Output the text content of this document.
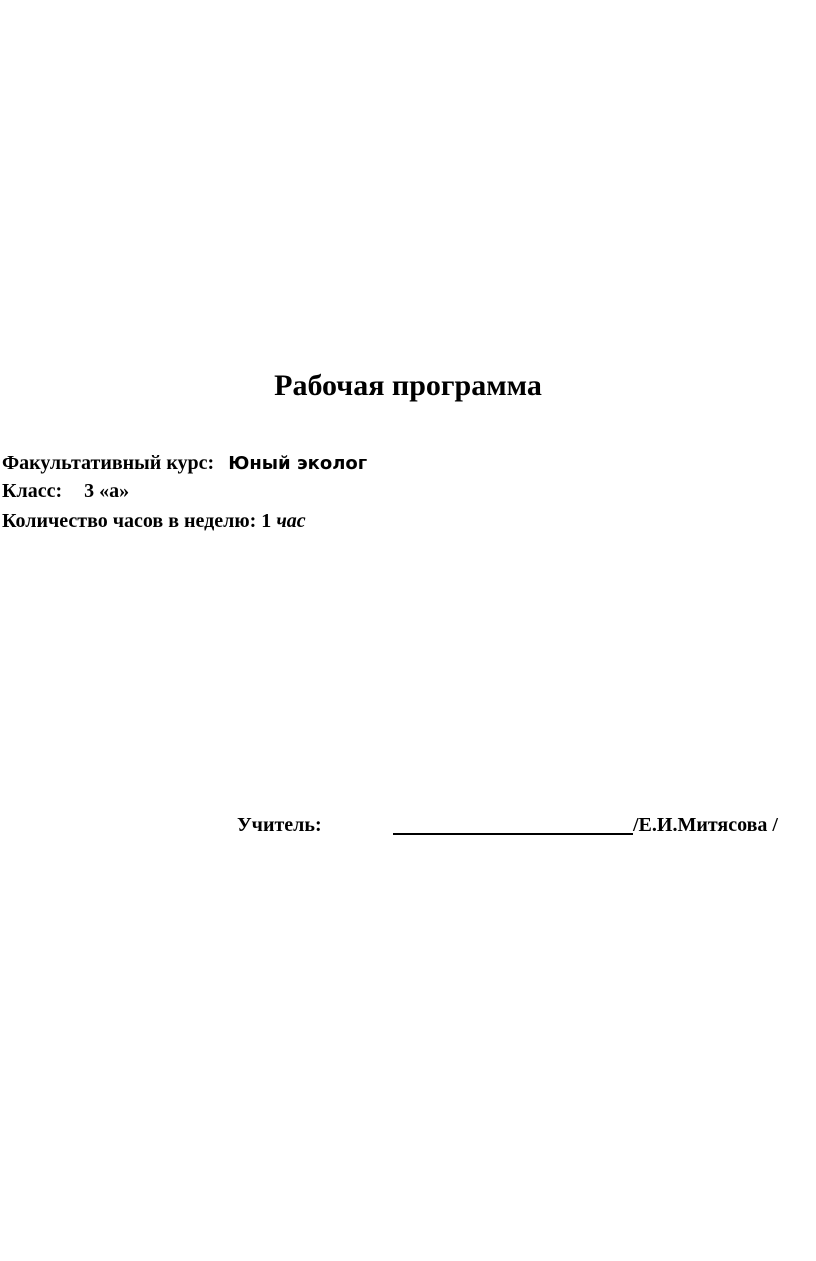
Рабочая программа
Факультативный курс: Юный эколог
Класс: 3 «а»
Количество часов в неделю: 1 час
Учитель:	/Е.И.Митясова /
